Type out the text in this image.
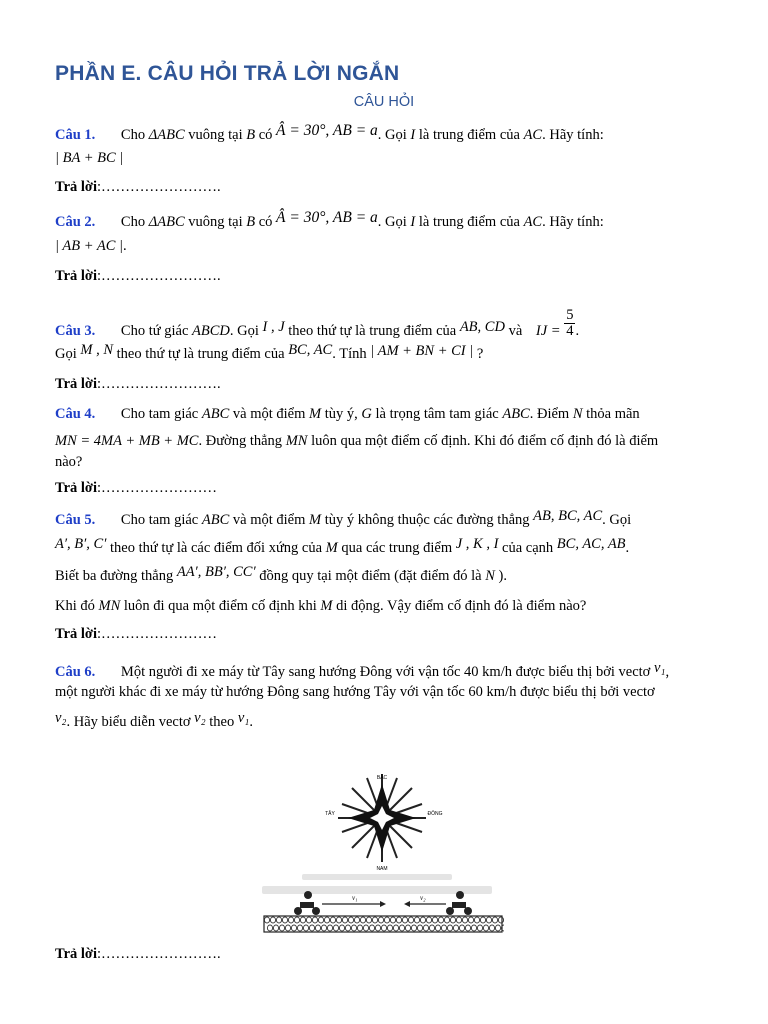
PHẦN E. CÂU HỎI TRẢ LỜI NGẮN
CÂU HỎI
Câu 1. Cho ΔABC vuông tại B có Â = 30°, AB = a. Gọi I là trung điểm của AC. Hãy tính:
| BA + BC |
Trả lời:…………………….
Câu 2. Cho ΔABC vuông tại B có Â = 30°, AB = a. Gọi I là trung điểm của AC. Hãy tính:
| AB + AC |.
Trả lời:…………………….
Câu 3. Cho tứ giác ABCD. Gọi I , J theo thứ tự là trung điểm của AB, CD và IJ = $\frac{5}{4}$ .
Gọi M , N theo thứ tự là trung điểm của BC, AC. Tính | AM + BN + CI | ?
Trả lời:…………………….
Câu 4. Cho tam giác ABC và một điểm M tùy ý, G là trọng tâm tam giác ABC. Điểm N thỏa mãn
MN = 4MA + MB + MC. Đường thẳng MN luôn qua một điểm cố định. Khi đó điểm cố định đó là điểm
nào?
Trả lời:……………………
Câu 5. Cho tam giác ABC và một điểm M tùy ý không thuộc các đường thẳng AB, BC, AC. Gọi
A′, B′, C′ theo thứ tự là các điểm đối xứng của M qua các trung điểm J , K , I của cạnh BC, AC, AB.
Biết ba đường thẳng AA′, BB′, CC′ đồng quy tại một điểm (đặt điểm đó là N ).
Khi đó MN luôn đi qua một điểm cố định khi M di động. Vậy điểm cố định đó là điểm nào?
Trả lời:……………………
Câu 6. Một người đi xe máy từ Tây sang hướng Đông với vận tốc 40 km/h được biểu thị bởi vectơ v₁,
một người khác đi xe máy từ hướng Đông sang hướng Tây với vận tốc 60 km/h được biểu thị bởi vectơ
v₂. Hãy biểu diễn vectơ v₂ theo v₁.
BẮC
TÂY	ĐÔNG
NAM
v₁	v₂
Trả lời:…………………….
